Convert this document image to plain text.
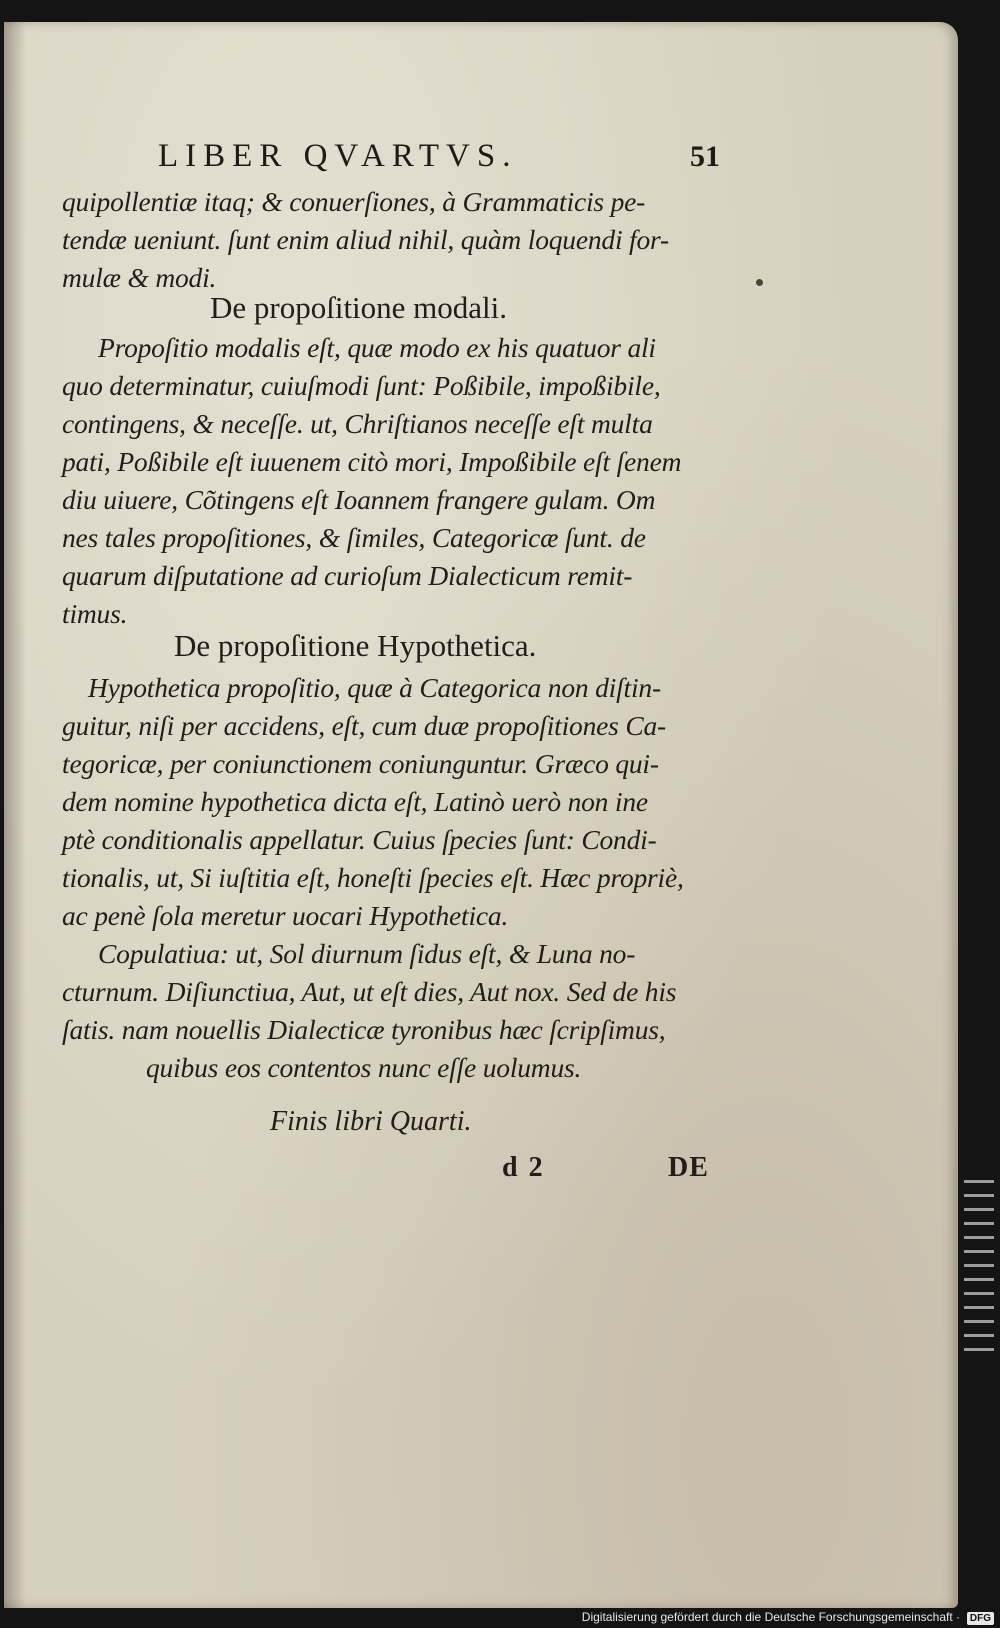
LIBER QVARTVS.	51
quipollentiæ itaq; & conuerſiones, à Grammaticis pe-
tendæ ueniunt. ſunt enim aliud nihil, quàm loquendi for-
mulæ & modi.
De propoſitione modali.
Propoſitio modalis eſt, quæ modo ex his quatuor ali
quo determinatur, cuiuſmodi ſunt: Poßibile, impoßibile,
contingens, & neceſſe. ut, Chriſtianos neceſſe eſt multa
pati, Poßibile eſt iuuenem citò mori, Impoßibile eſt ſenem
diu uiuere, Cõtingens eſt Ioannem frangere gulam. Om
nes tales propoſitiones, & ſimiles, Categoricæ ſunt. de
quarum diſputatione ad curioſum Dialecticum remit-
timus.
De propoſitione Hypothetica.
Hypothetica propoſitio, quæ à Categorica non diſtin-
guitur, niſi per accidens, eſt, cum duæ propoſitiones Ca-
tegoricæ, per coniunctionem coniunguntur. Græco qui-
dem nomine hypothetica dicta eſt, Latinò uerò non ine
ptè conditionalis appellatur. Cuius ſpecies ſunt: Condi-
tionalis, ut, Si iuſtitia eſt, honeſti ſpecies eſt. Hæc propriè,
ac penè ſola meretur uocari Hypothetica.
Copulatiua: ut, Sol diurnum ſidus eſt, & Luna no-
cturnum. Diſiunctiua, Aut, ut eſt dies, Aut nox. Sed de his
ſatis. nam nouellis Dialecticæ tyronibus hæc ſcripſimus,
quibus eos contentos nunc eſſe uolumus.
Finis libri Quarti.
d 2	DE
Digitalisierung gefördert durch die Deutsche Forschungsgemeinschaft · DFG
